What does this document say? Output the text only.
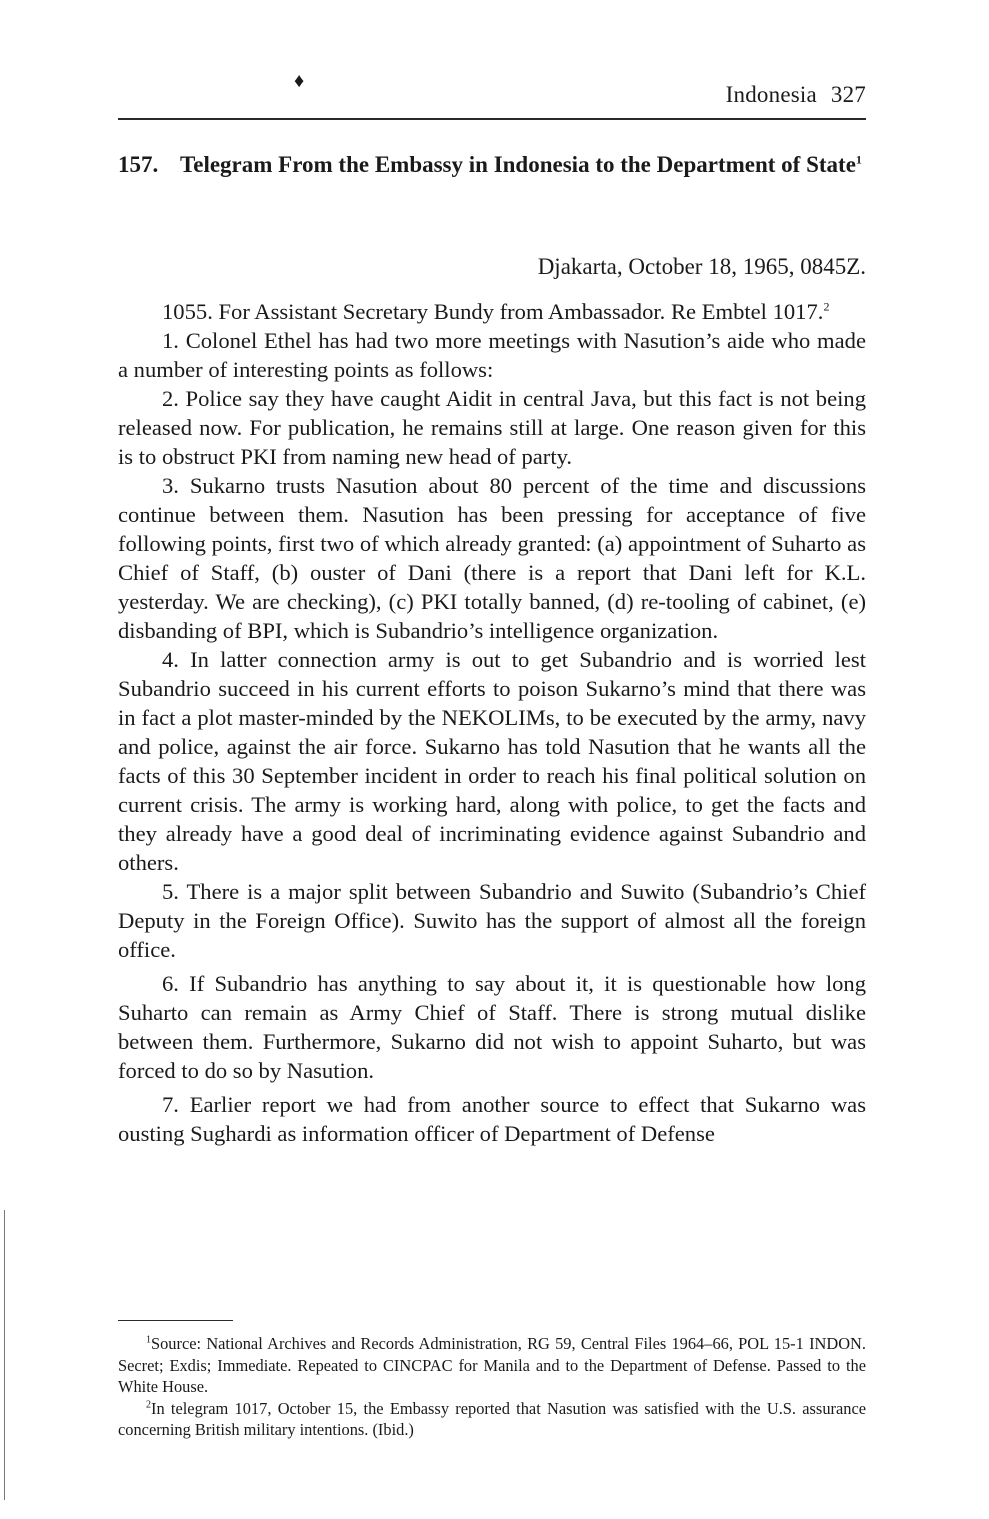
♦
Indonesia 327
157. Telegram From the Embassy in Indonesia to the Department of State$^1$
Djakarta, October 18, 1965, 0845Z.

1055. For Assistant Secretary Bundy from Ambassador. Re Embtel 1017.$^2$

1. Colonel Ethel has had two more meetings with Nasution’s aide who made a number of interesting points as follows:

2. Police say they have caught Aidit in central Java, but this fact is not being released now. For publication, he remains still at large. One reason given for this is to obstruct PKI from naming new head of party.

3. Sukarno trusts Nasution about 80 percent of the time and discussions continue between them. Nasution has been pressing for acceptance of five following points, first two of which already granted: (a) appointment of Suharto as Chief of Staff, (b) ouster of Dani (there is a report that Dani left for K.L. yesterday. We are checking), (c) PKI totally banned, (d) re-tooling of cabinet, (e) disbanding of BPI, which is Subandrio’s intelligence organization.

4. In latter connection army is out to get Subandrio and is worried lest Subandrio succeed in his current efforts to poison Sukarno’s mind that there was in fact a plot master-minded by the NEKOLIMs, to be executed by the army, navy and police, against the air force. Sukarno has told Nasution that he wants all the facts of this 30 September incident in order to reach his final political solution on current crisis. The army is working hard, along with police, to get the facts and they already have a good deal of incriminating evidence against Subandrio and others.

5. There is a major split between Subandrio and Suwito (Subandrio’s Chief Deputy in the Foreign Office). Suwito has the support of almost all the foreign office.

6. If Subandrio has anything to say about it, it is questionable how long Suharto can remain as Army Chief of Staff. There is strong mutual dislike between them. Furthermore, Sukarno did not wish to appoint Suharto, but was forced to do so by Nasution.

7. Earlier report we had from another source to effect that Sukarno was ousting Sughardi as information officer of Department of Defense

$^1$Source: National Archives and Records Administration, RG 59, Central Files 1964–66, POL 15-1 INDON. Secret; Exdis; Immediate. Repeated to CINCPAC for Manila and to the Department of Defense. Passed to the White House.

$^2$In telegram 1017, October 15, the Embassy reported that Nasution was satisfied with the U.S. assurance concerning British military intentions. (Ibid.)
